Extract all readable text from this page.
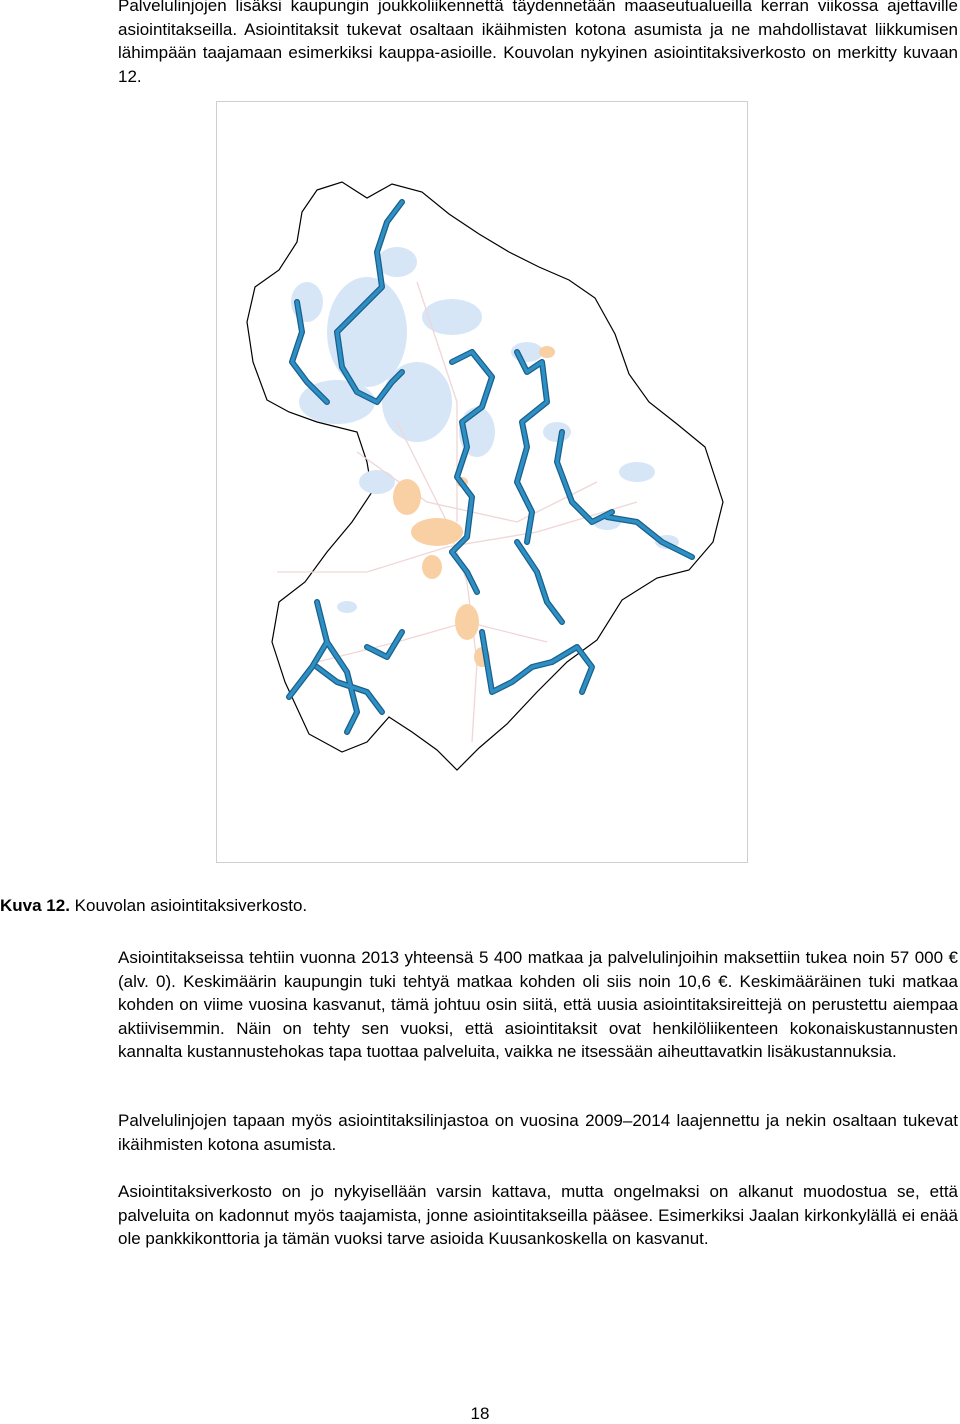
Palvelulinjojen lisäksi kaupungin joukkoliikennettä täydennetään maaseutualueilla kerran viikossa ajettaville asiointitakseilla. Asiointitaksit tukevat osaltaan ikäihmisten kotona asumista ja ne mahdollistavat liikkumisen lähimpään taajamaan esimerkiksi kauppa-asioille. Kouvolan nykyinen asiointitaksiverkosto on merkitty kuvaan 12.

Kuva 12. Kouvolan asiointitaksiverkosto.

Asiointitakseissa tehtiin vuonna 2013 yhteensä 5 400 matkaa ja palvelulinjoihin maksettiin tukea noin 57 000 € (alv. 0). Keskimäärin kaupungin tuki tehtyä matkaa kohden oli siis noin 10,6 €. Keskimääräinen tuki matkaa kohden on viime vuosina kasvanut, tämä johtuu osin siitä, että uusia asiointitaksireittejä on perustettu aiempaa aktiivisemmin. Näin on tehty sen vuoksi, että asiointitaksit ovat henkilöliikenteen kokonaiskustannusten kannalta kustannustehokas tapa tuottaa palveluita, vaikka ne itsessään aiheuttavatkin lisäkustannuksia.

Palvelulinjojen tapaan myös asiointitaksilinjastoa on vuosina 2009–2014 laajennettu ja nekin osaltaan tukevat ikäihmisten kotona asumista.

Asiointitaksiverkosto on jo nykyisellään varsin kattava, mutta ongelmaksi on alkanut muodostua se, että palveluita on kadonnut myös taajamista, jonne asiointitakseilla pääsee. Esimerkiksi Jaalan kirkonkylällä ei enää ole pankkikonttoria ja tämän vuoksi tarve asioida Kuusankoskella on kasvanut.

18
